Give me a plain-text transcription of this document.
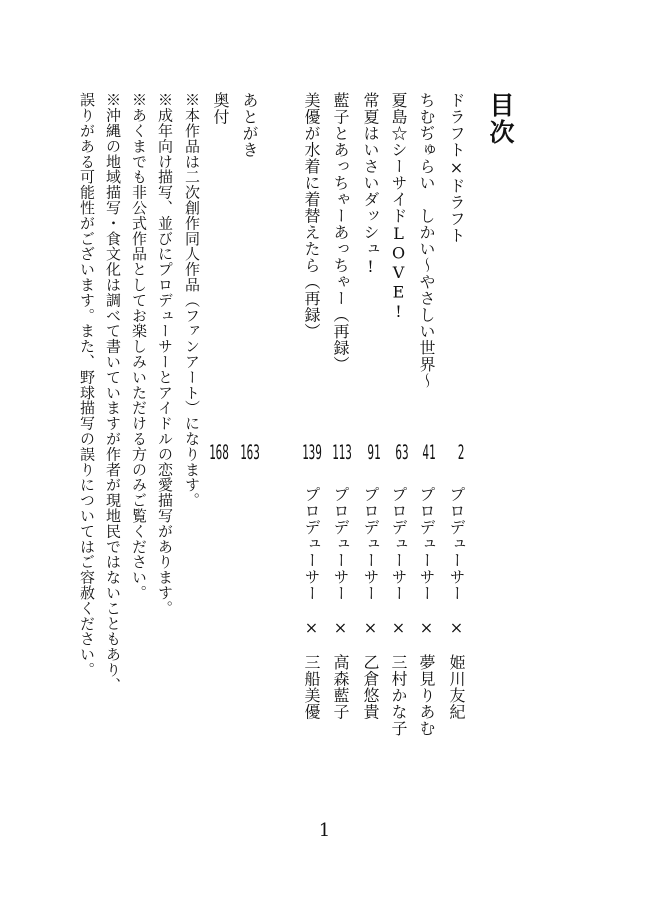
目次
ドラフト×ドラフト
2
プロデューサー　×　姫川友紀
ちむぢゅらい　しかい〜やさしい世界〜
41
プロデューサー　×　夢見りあむ
夏島☆シーサイドLOVE!
63
プロデューサー　×　三村かな子
常夏はいさいダッシュ!
91
プロデューサー　×　乙倉悠貴
藍子とあっちゃーあっちゃー（再録）
113
プロデューサー　×　高森藍子
美優が水着に着替えたら（再録）
139
プロデューサー　×　三船美優
あとがき
163
奥付
168
※本作品は二次創作同人作品（ファンアート）になります。
※成年向け描写、並びにプロデューサーとアイドルの恋愛描写があります。
※あくまでも非公式作品としてお楽しみいただける方のみご覧ください。
※沖縄の地域描写・食文化は調べて書いていますが作者が現地民ではないこともあり、
誤りがある可能性がございます。また、野球描写の誤りについてはご容赦ください。
1
